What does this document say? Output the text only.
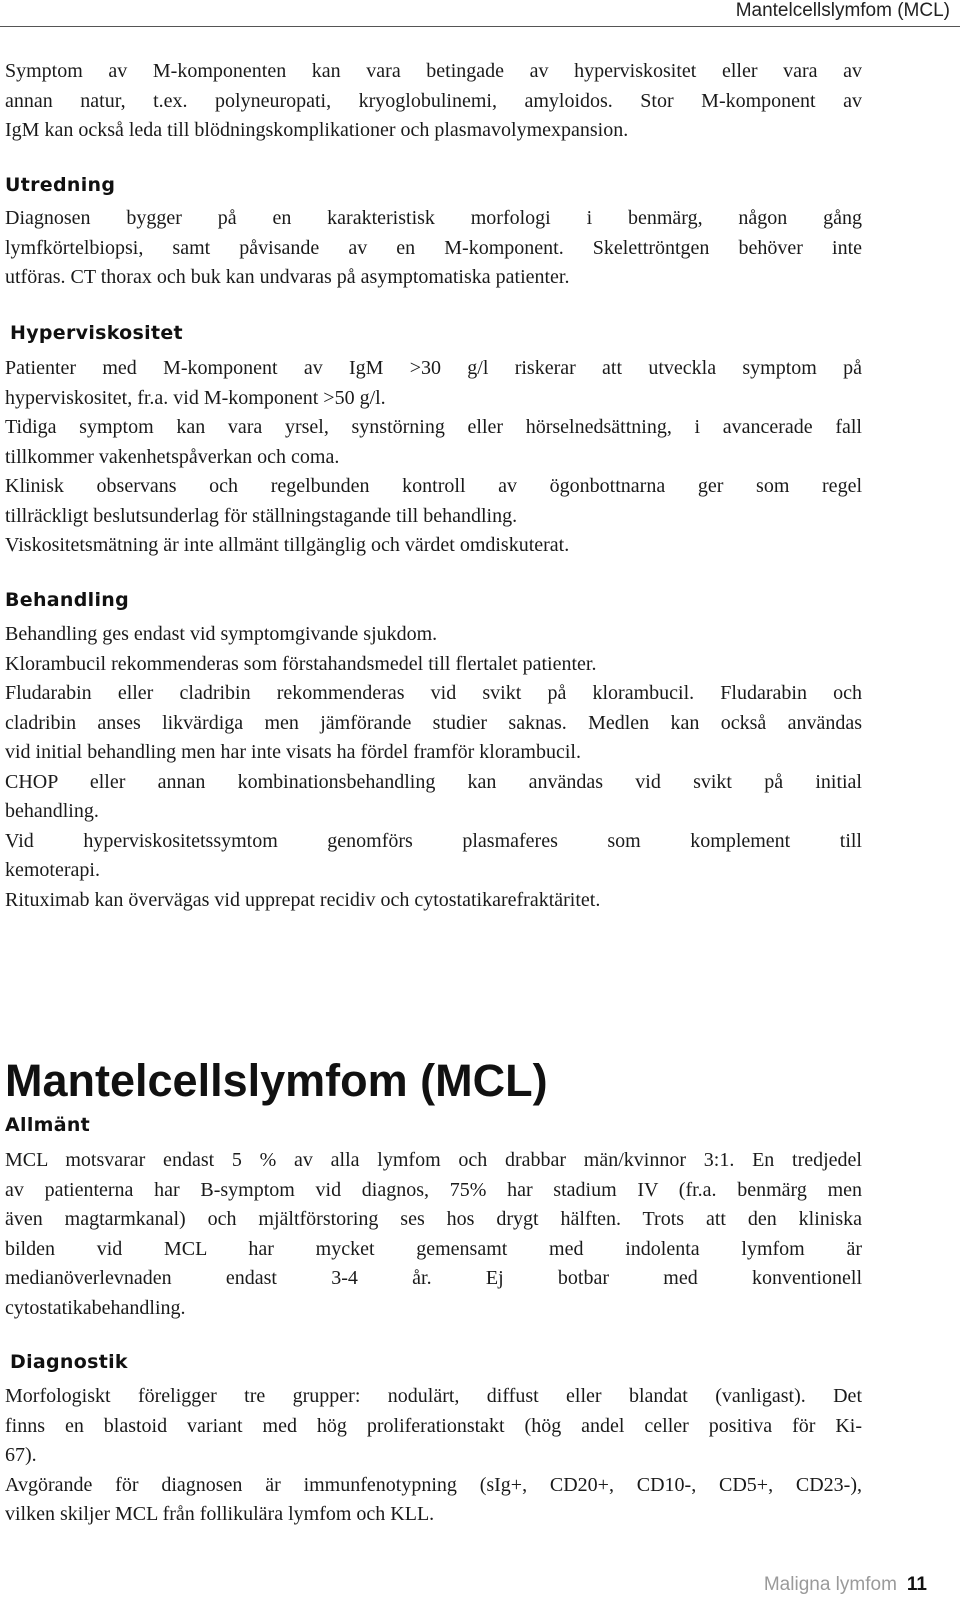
Mantelcellslymfom (MCL)

Symptom av M-komponenten kan vara betingade av hyperviskositet eller vara av

annan natur, t.ex. polyneuropati, kryoglobulinemi, amyloidos. Stor M-komponent av

IgM kan också leda till blödningskomplikationer och plasmavolymexpansion.

Utredning

Diagnosen bygger på en karakteristisk morfologi i benmärg, någon gång

lymfkörtelbiopsi, samt påvisande av en M-komponent. Skelettröntgen behöver inte

utföras. CT thorax och buk kan undvaras på asymptomatiska patienter.

Hyperviskositet

Patienter med M-komponent av IgM >30 g/l riskerar att utveckla symptom på

hyperviskositet, fr.a. vid M-komponent >50 g/l.

Tidiga symptom kan vara yrsel, synstörning eller hörselnedsättning, i avancerade fall

tillkommer vakenhetspåverkan och coma.

Klinisk observans och regelbunden kontroll av ögonbottnarna ger som regel

tillräckligt beslutsunderlag för ställningstagande till behandling.

Viskositetsmätning är inte allmänt tillgänglig och värdet omdiskuterat.

Behandling

Behandling ges endast vid symptomgivande sjukdom.

Klorambucil rekommenderas som förstahandsmedel till flertalet patienter.

Fludarabin eller cladribin rekommenderas vid svikt på klorambucil. Fludarabin och

cladribin anses likvärdiga men jämförande studier saknas. Medlen kan också användas

vid initial behandling men har inte visats ha fördel framför klorambucil.

CHOP eller annan kombinationsbehandling kan användas vid svikt på initial

behandling.

Vid hyperviskositetssymtom genomförs plasmaferes som komplement till

kemoterapi.

Rituximab kan övervägas vid upprepat recidiv och cytostatikarefraktäritet.

Mantelcellslymfom (MCL)
Allmänt

MCL motsvarar endast 5 % av alla lymfom och drabbar män/kvinnor 3:1. En tredjedel

av patienterna har B-symptom vid diagnos, 75% har stadium IV (fr.a. benmärg men

även magtarmkanal) och mjältförstoring ses hos drygt hälften. Trots att den kliniska

bilden vid MCL har mycket gemensamt med indolenta lymfom är

medianöverlevnaden endast 3-4 år. Ej botbar med konventionell

cytostatikabehandling.

Diagnostik

Morfologiskt föreligger tre grupper: nodulärt, diffust eller blandat (vanligast). Det

finns en blastoid variant med hög proliferationstakt (hög andel celler positiva för Ki-

67).

Avgörande för diagnosen är immunfenotypning (sIg+, CD20+, CD10-, CD5+, CD23-),

vilken skiljer MCL från follikulära lymfom och KLL.

Maligna lymfom 11
